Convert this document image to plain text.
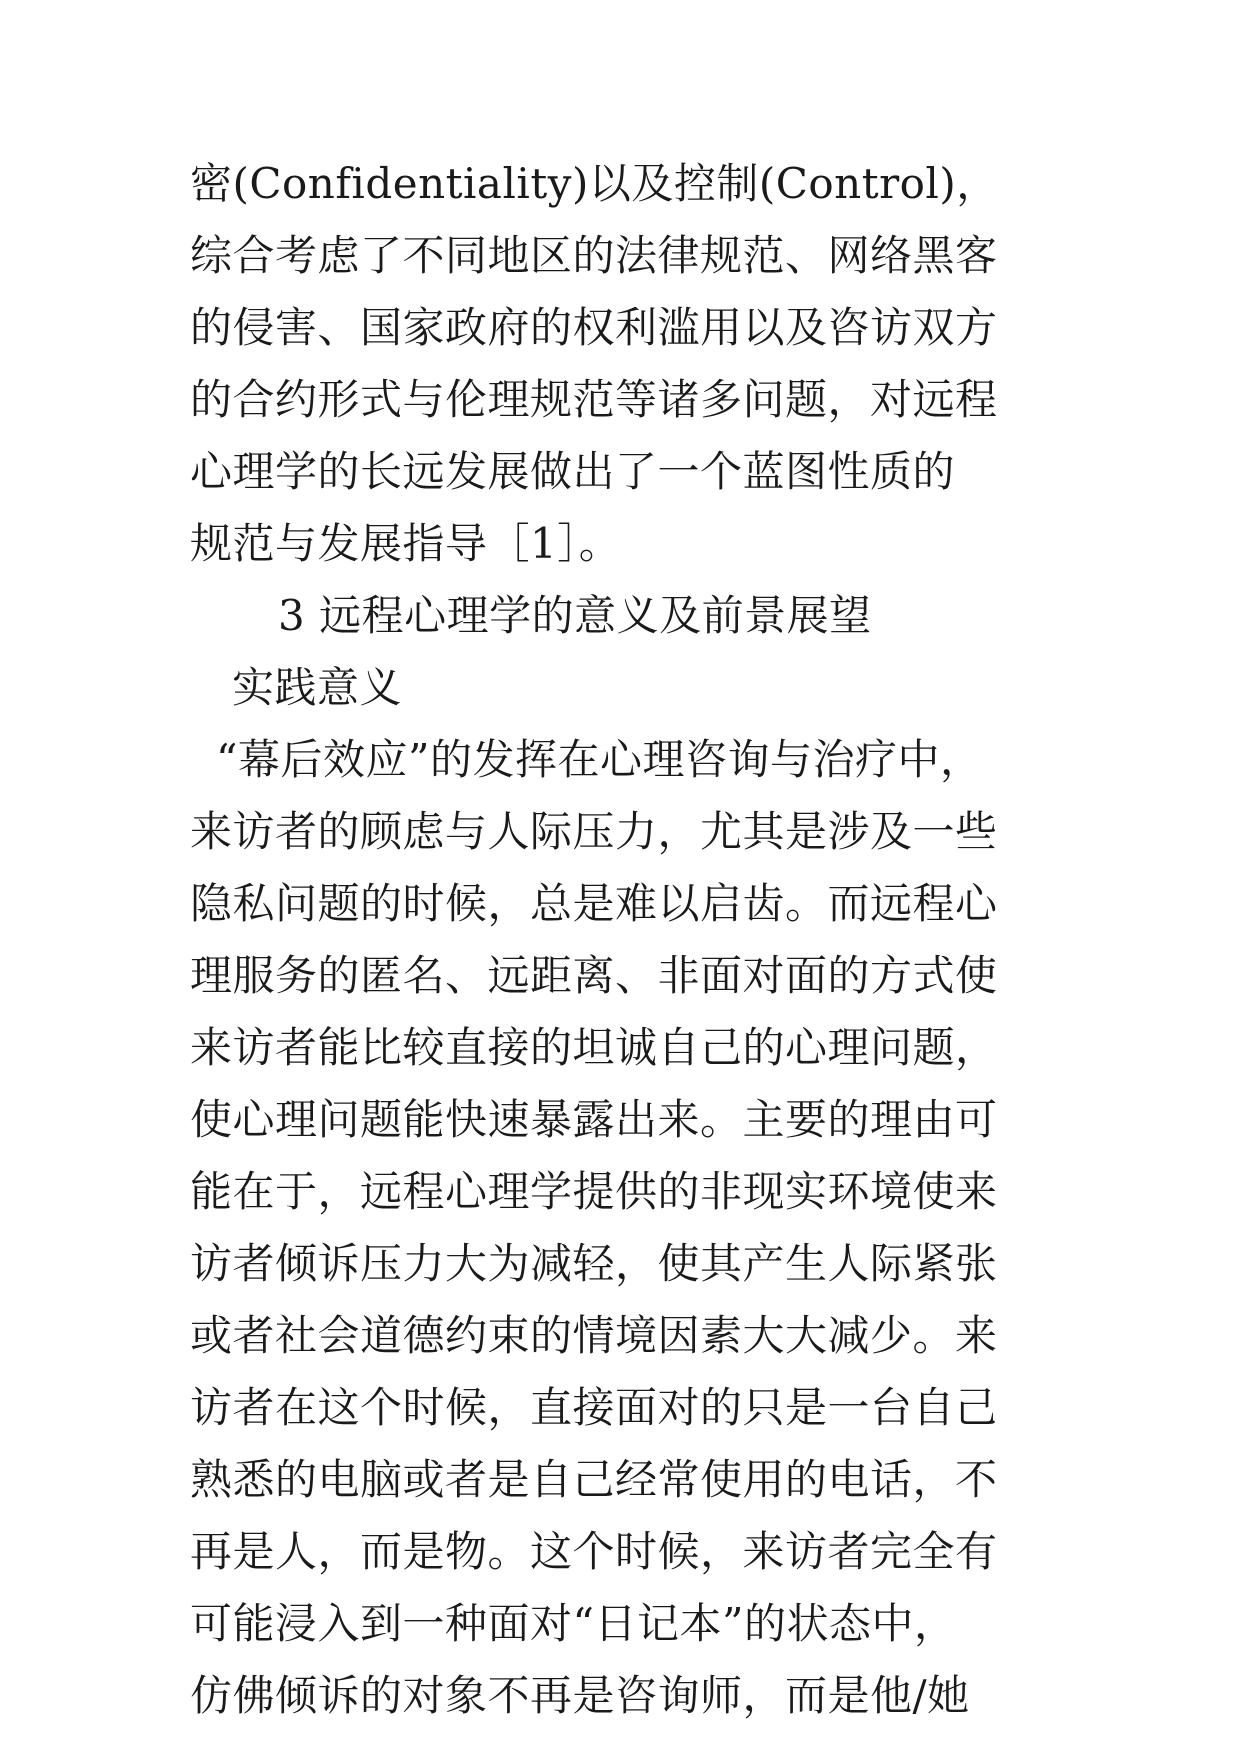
密(Confidentiality)以及控制(Control)，
综合考虑了不同地区的法律规范、网络黑客
的侵害、国家政府的权利滥用以及咨访双方
的合约形式与伦理规范等诸多问题，对远程
心理学的长远发展做出了一个蓝图性质的
规范与发展指导［1］。
3 远程心理学的意义及前景展望
实践意义
“幕后效应”的发挥在心理咨询与治疗中，
来访者的顾虑与人际压力，尤其是涉及一些
隐私问题的时候，总是难以启齿。而远程心
理服务的匿名、远距离、非面对面的方式使
来访者能比较直接的坦诚自己的心理问题，
使心理问题能快速暴露出来。主要的理由可
能在于，远程心理学提供的非现实环境使来
访者倾诉压力大为减轻，使其产生人际紧张
或者社会道德约束的情境因素大大减少。来
访者在这个时候，直接面对的只是一台自己
熟悉的电脑或者是自己经常使用的电话，不
再是人，而是物。这个时候，来访者完全有
可能浸入到一种面对“日记本”的状态中，
仿佛倾诉的对象不再是咨询师，而是他/她
